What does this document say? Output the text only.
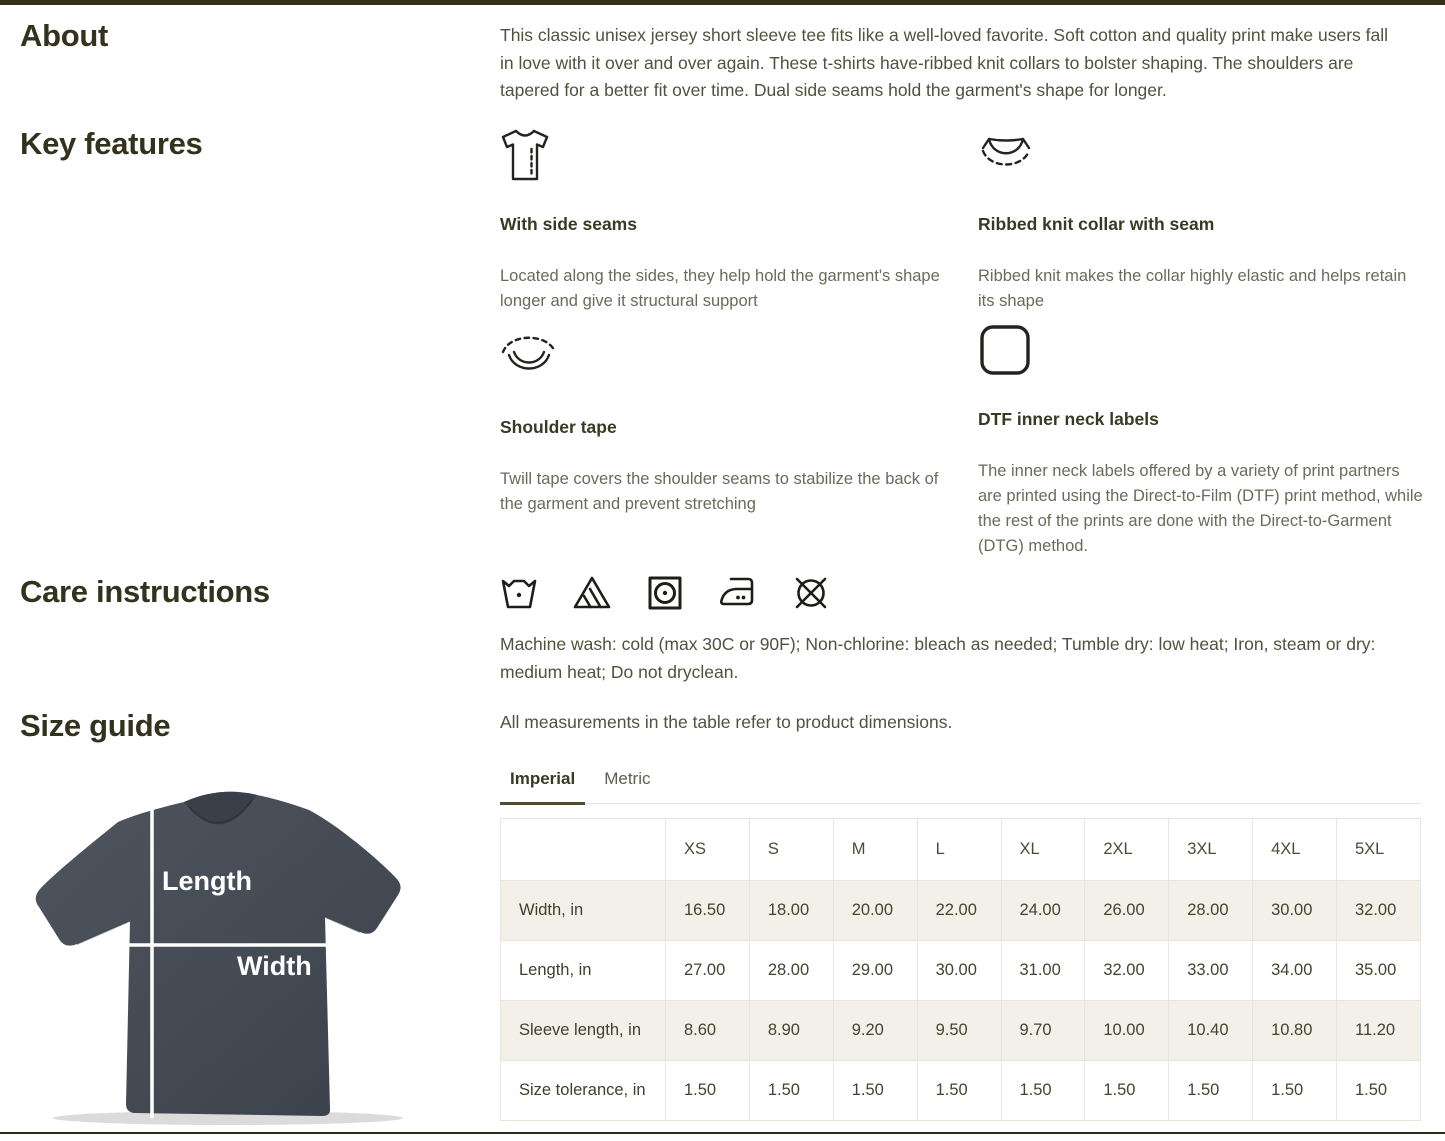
About
Key features
Care instructions
Size guide

This classic unisex jersey short sleeve tee fits like a well-loved favorite. Soft cotton and quality print make users fall in love with it over and over again. These t-shirts have-ribbed knit collars to bolster shaping. The shoulders are tapered for a better fit over time. Dual side seams hold the garment's shape for longer.

With side seams

Located along the sides, they help hold the garment's shape longer and give it structural support

Ribbed knit collar with seam

Ribbed knit makes the collar highly elastic and helps retain its shape

Shoulder tape

Twill tape covers the shoulder seams to stabilize the back of the garment and prevent stretching

DTF inner neck labels

The inner neck labels offered by a variety of print partners are printed using the Direct-to-Film (DTF) print method, while the rest of the prints are done with the Direct-to-Garment (DTG) method.

Machine wash: cold (max 30C or 90F); Non-chlorine: bleach as needed; Tumble dry: low heat; Iron, steam or dry: medium heat; Do not dryclean.

All measurements in the table refer to product dimensions.

Imperial	Metric
	XS	S	M	L	XL	2XL	3XL	4XL	5XL
Width, in	16.50	18.00	20.00	22.00	24.00	26.00	28.00	30.00	32.00
Length, in	27.00	28.00	29.00	30.00	31.00	32.00	33.00	34.00	35.00
Sleeve length, in	8.60	8.90	9.20	9.50	9.70	10.00	10.40	10.80	11.20
Size tolerance, in	1.50	1.50	1.50	1.50	1.50	1.50	1.50	1.50	1.50
Length
Width
